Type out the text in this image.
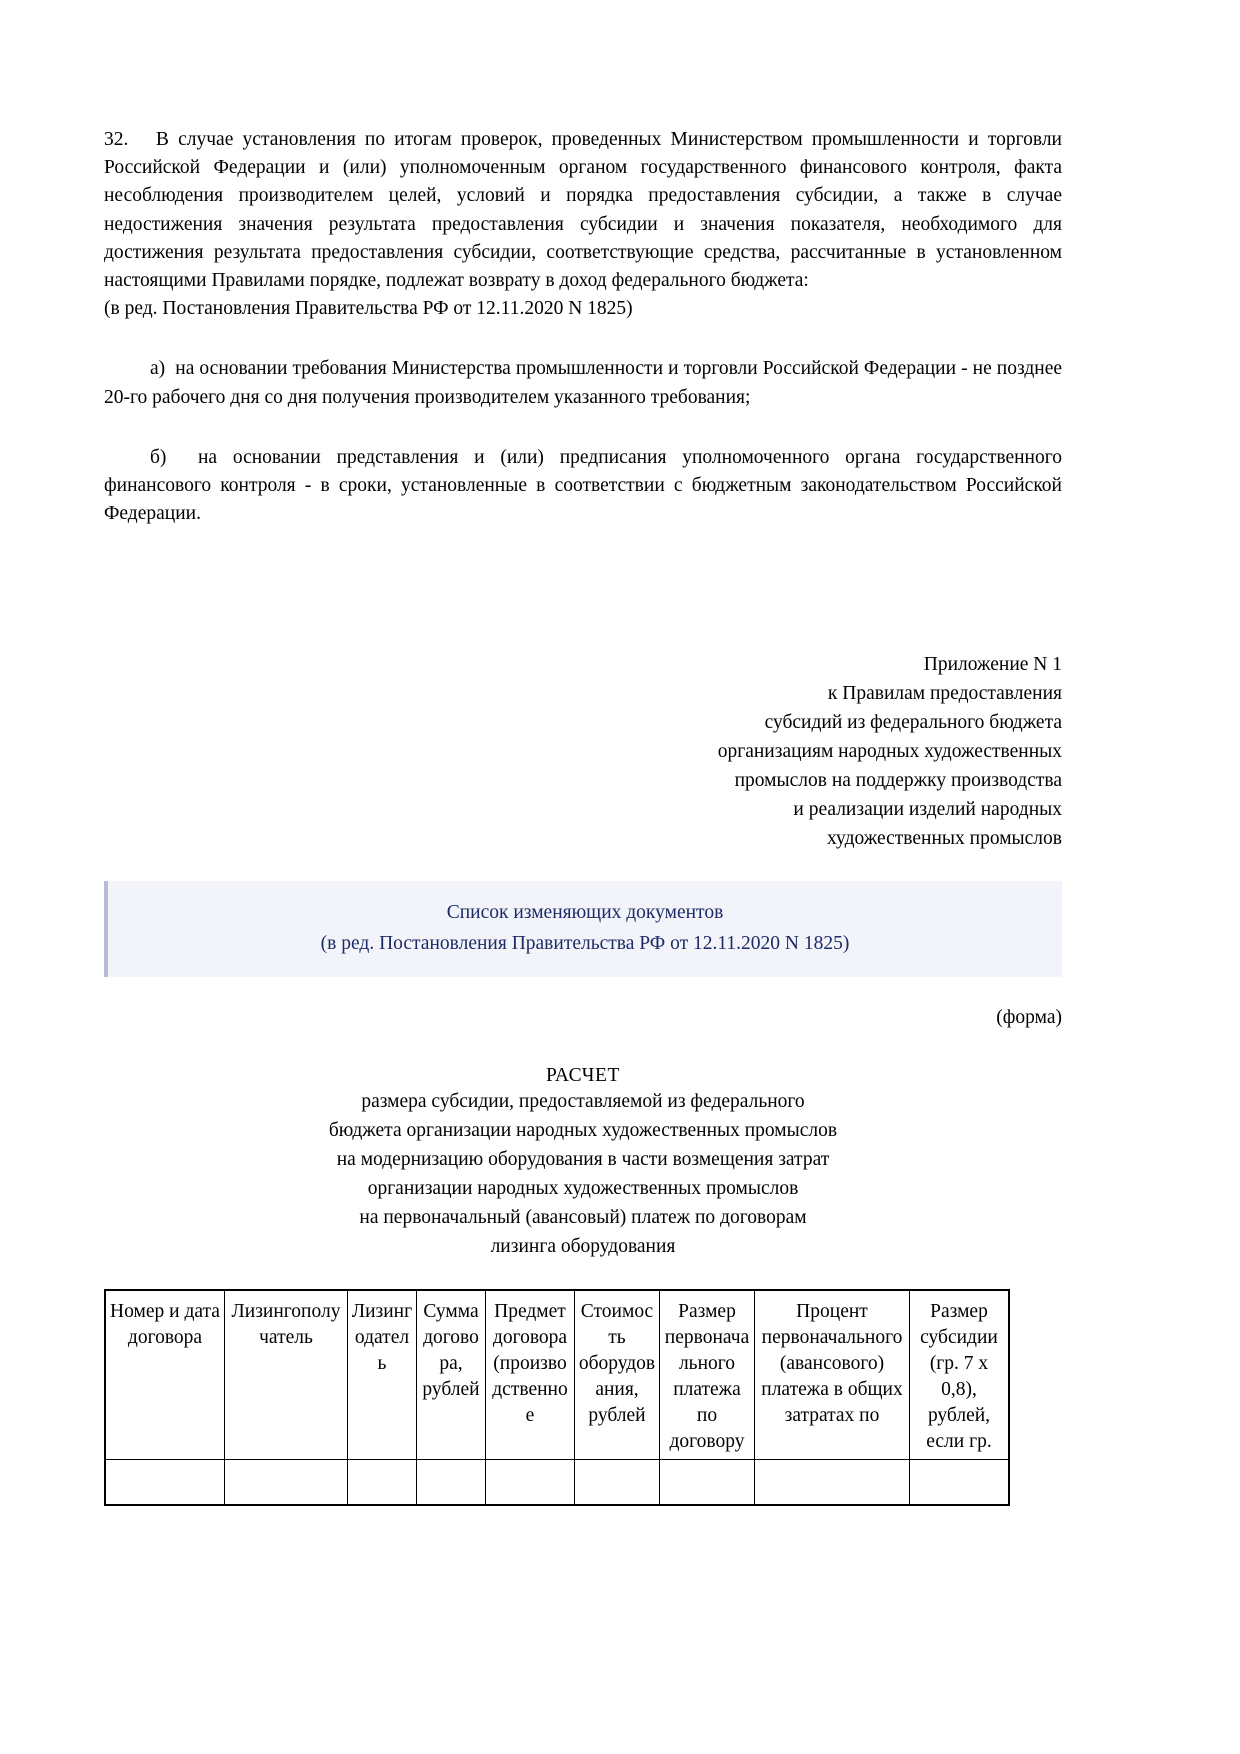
32.   В случае установления по итогам проверок, проведенных Министерством промышленности и торговли Российской Федерации и (или) уполномоченным органом государственного финансового контроля, факта несоблюдения производителем целей, условий и порядка предоставления субсидии, а также в случае недостижения значения результата предоставления субсидии и значения показателя, необходимого для достижения результата предоставления субсидии, соответствующие средства, рассчитанные в установленном настоящими Правилами порядке, подлежат возврату в доход федерального бюджета:

(в ред. Постановления Правительства РФ от 12.11.2020 N 1825)

а)  на основании требования Министерства промышленности и торговли Российской Федерации - не позднее 20-го рабочего дня со дня получения производителем указанного требования;

б)  на основании представления и (или) предписания уполномоченного органа государственного финансового контроля - в сроки, установленные в соответствии с бюджетным законодательством Российской Федерации.

Приложение N 1

к Правилам предоставления

субсидий из федерального бюджета

организациям народных художественных

промыслов на поддержку производства

и реализации изделий народных

художественных промыслов

Список изменяющих документов
(в ред. Постановления Правительства РФ от 12.11.2020 N 1825)

(форма)

РАСЧЕТ

размера субсидии, предоставляемой из федерального

бюджета организации народных художественных промыслов

на модернизацию оборудования в части возмещения затрат

организации народных художественных промыслов

на первоначальный (авансовый) платеж по договорам

лизинга оборудования

Номер и дата договора	Лизингополучатель	Лизингодатель	Сумма договора, рублей	Предмет договора (производственное	Стоимость оборудования, рублей	Размер первоначального платежа по договору	Процент первоначального (авансового) платежа в общих затратах по	Размер субсидии (гр. 7 х 0,8), рублей, если гр.
